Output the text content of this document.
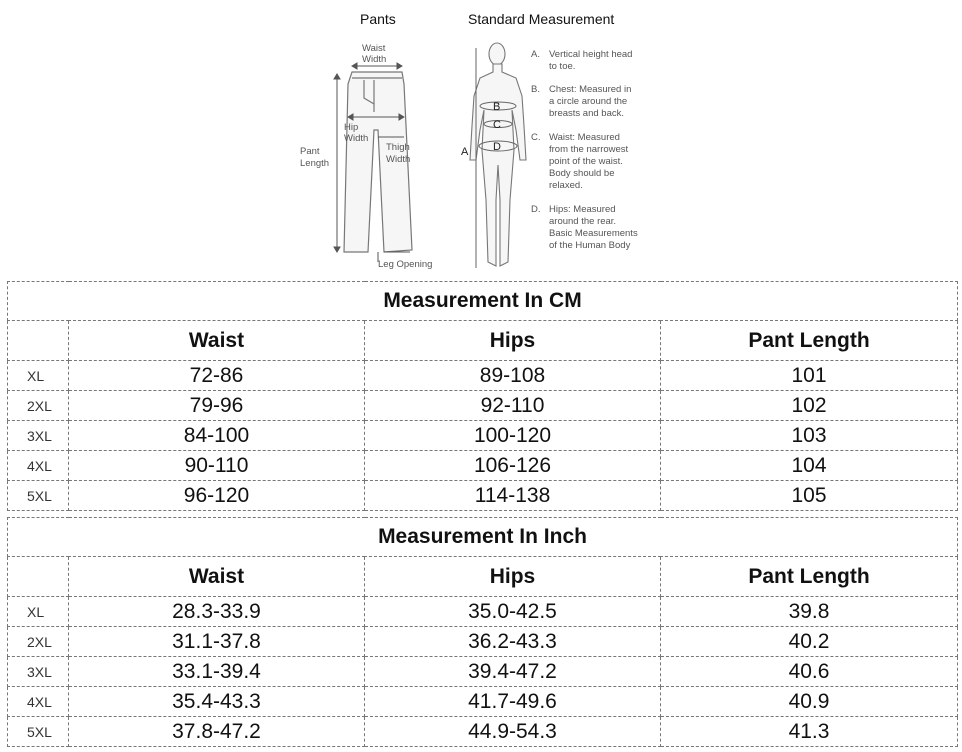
Pants	Standard Measurement
Waist
Width
Hip
Width
Pant
Length
Thigh
Width
Leg Opening
B
C
D
A
A. Vertical height head
to toe.
B. Chest: Measured in
a circle around the
breasts and back.
C. Waist: Measured
from the narrowest
point of the waist.
Body should be
relaxed.
D. Hips: Measured
around the rear.
Basic Measurements
of the Human Body
Measurement In CM			
	Waist	Hips	Pant Length
XL	72-86	89-108	101
2XL	79-96	92-110	102
3XL	84-100	100-120	103
4XL	90-110	106-126	104
5XL	96-120	114-138	105
Measurement In Inch			
	Waist	Hips	Pant Length
XL	28.3-33.9	35.0-42.5	39.8
2XL	31.1-37.8	36.2-43.3	40.2
3XL	33.1-39.4	39.4-47.2	40.6
4XL	35.4-43.3	41.7-49.6	40.9
5XL	37.8-47.2	44.9-54.3	41.3
